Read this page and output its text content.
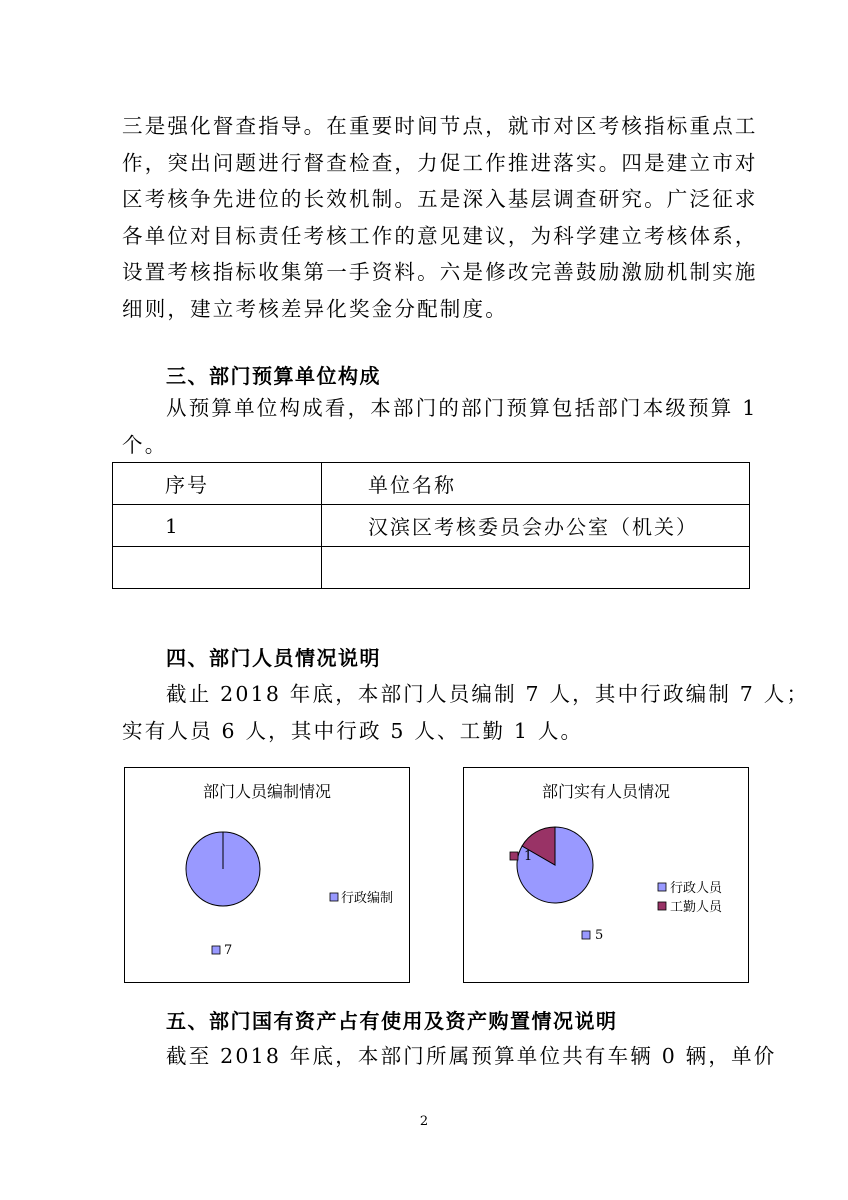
三是强化督查指导。在重要时间节点，就市对区考核指标重点工
作，突出问题进行督查检查，力促工作推进落实。四是建立市对
区考核争先进位的长效机制。五是深入基层调查研究。广泛征求
各单位对目标责任考核工作的意见建议，为科学建立考核体系，
设置考核指标收集第一手资料。六是修改完善鼓励激励机制实施
细则，建立考核差异化奖金分配制度。
三、部门预算单位构成
从预算单位构成看，本部门的部门预算包括部门本级预算 1
个。
序号	单位名称
1	汉滨区考核委员会办公室（机关）

四、部门人员情况说明
截止 2018 年底，本部门人员编制 7 人，其中行政编制 7 人；
实有人员 6 人，其中行政 5 人、工勤 1 人。
部门人员编制情况
7
行政编制
部门实有人员情况
5
1
行政人员
工勤人员
五、部门国有资产占有使用及资产购置情况说明
截至 2018 年底，本部门所属预算单位共有车辆 0 辆，单价
2
